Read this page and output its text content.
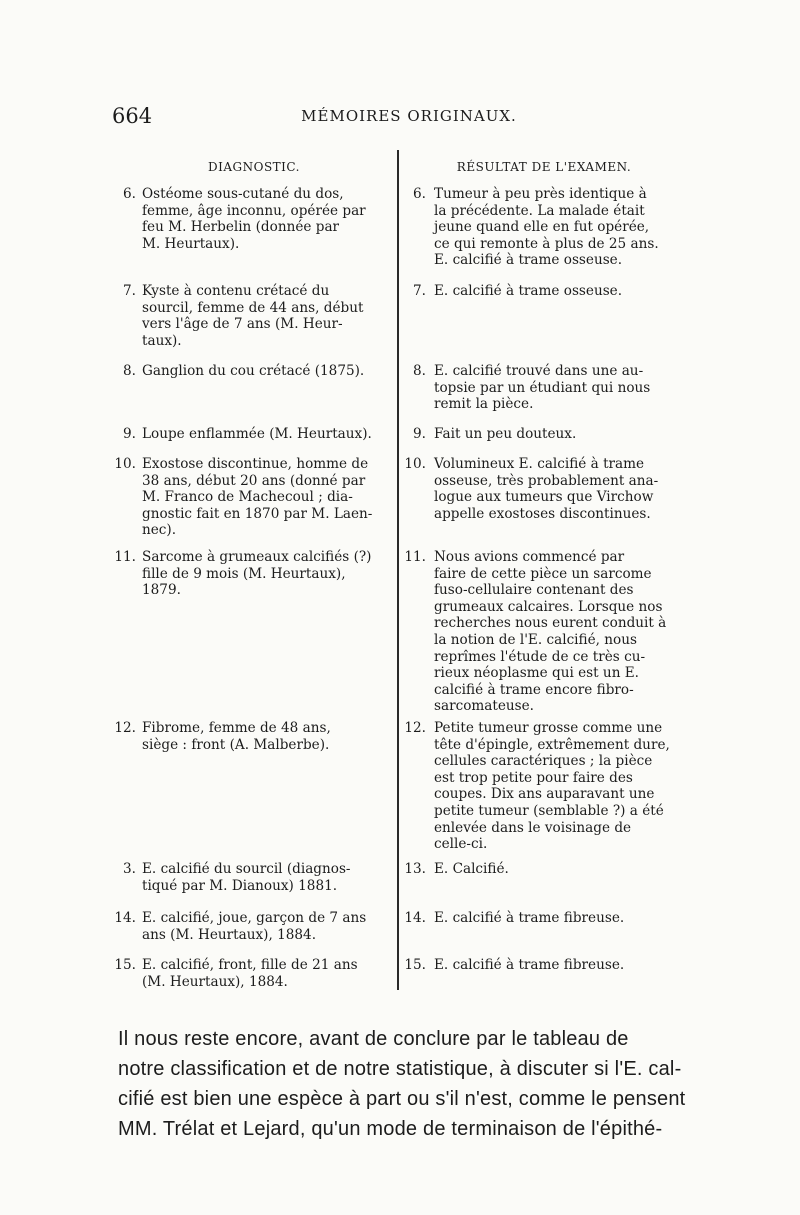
664	MÉMOIRES ORIGINAUX.
DIAGNOSTIC.	RÉSULTAT DE L'EXAMEN.
6. Ostéome sous-cutané du dos,
femme, âge inconnu, opérée par
feu M. Herbelin (donnée par
M. Heurtaux).
7. Kyste à contenu crétacé du
sourcil, femme de 44 ans, début
vers l'âge de 7 ans (M. Heur-
taux).
8. Ganglion du cou crétacé (1875).
9. Loupe enflammée (M. Heurtaux).
10. Exostose discontinue, homme de
38 ans, début 20 ans (donné par
M. Franco de Machecoul ; dia-
gnostic fait en 1870 par M. Laen-
nec).
11. Sarcome à grumeaux calcifiés (?)
fille de 9 mois (M. Heurtaux),
1879.
12. Fibrome, femme de 48 ans,
siège : front (A. Malberbe).
3. E. calcifié du sourcil (diagnos-
tiqué par M. Dianoux) 1881.
14. E. calcifié, joue, garçon de 7 ans
ans (M. Heurtaux), 1884.
15. E. calcifié, front, fille de 21 ans
(M. Heurtaux), 1884.
6. Tumeur à peu près identique à
la précédente. La malade était
jeune quand elle en fut opérée,
ce qui remonte à plus de 25 ans.
E. calcifié à trame osseuse.
7. E. calcifié à trame osseuse.
8. E. calcifié trouvé dans une au-
topsie par un étudiant qui nous
remit la pièce.
9. Fait un peu douteux.
10. Volumineux E. calcifié à trame
osseuse, très probablement ana-
logue aux tumeurs que Virchow
appelle exostoses discontinues.
11. Nous avions commencé par
faire de cette pièce un sarcome
fuso-cellulaire contenant des
grumeaux calcaires. Lorsque nos
recherches nous eurent conduit à
la notion de l'E. calcifié, nous
reprîmes l'étude de ce très cu-
rieux néoplasme qui est un E.
calcifié à trame encore fibro-
sarcomateuse.
12. Petite tumeur grosse comme une
tête d'épingle, extrêmement dure,
cellules caractériques ; la pièce
est trop petite pour faire des
coupes. Dix ans auparavant une
petite tumeur (semblable ?) a été
enlevée dans le voisinage de
celle-ci.
13. E. Calcifié.
14. E. calcifié à trame fibreuse.
15. E. calcifié à trame fibreuse.
Il nous reste encore, avant de conclure par le tableau de
notre classification et de notre statistique, à discuter si l'E. cal-
cifié est bien une espèce à part ou s'il n'est, comme le pensent
MM. Trélat et Lejard, qu'un mode de terminaison de l'épithé-
